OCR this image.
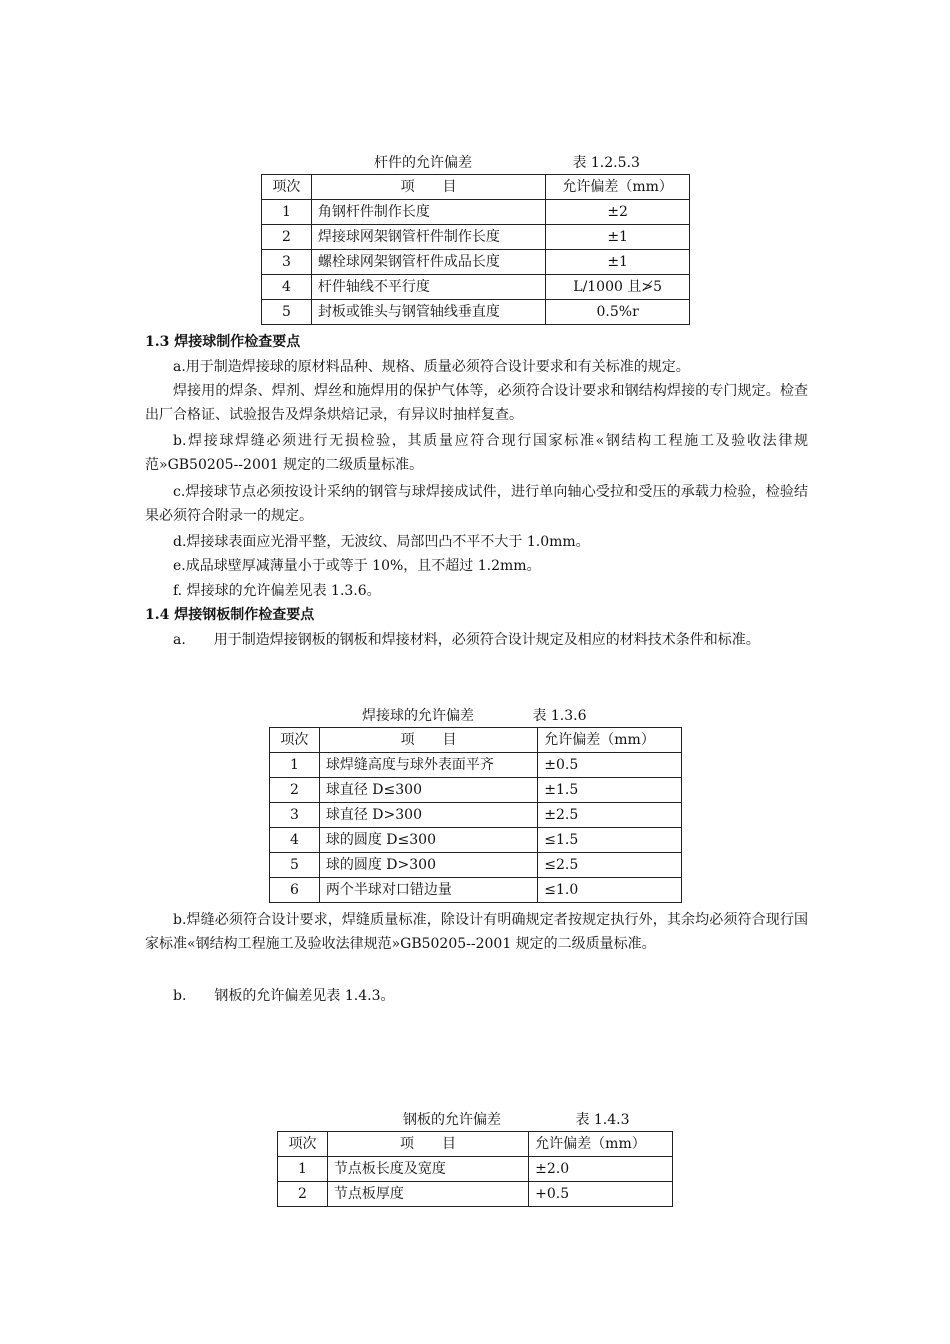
杆件的允许偏差	表 1.2.5.3
项次	项　　目	允许偏差（mm）
1	角钢杆件制作长度	±2
2	焊接球网架钢管杆件制作长度	±1
3	螺栓球网架钢管杆件成品长度	±1
4	杆件轴线不平行度	L/1000 且≯5
5	封板或锥头与钢管轴线垂直度	0.5%r
1.3 焊接球制作检查要点
a.用于制造焊接球的原材料品种、规格、质量必须符合设计要求和有关标准的规定。
焊接用的焊条、焊剂、焊丝和施焊用的保护气体等，必须符合设计要求和钢结构焊接的专门规定。检查出厂合格证、试验报告及焊条烘焙记录，有异议时抽样复查。
b.焊接球焊缝必须进行无损检验，其质量应符合现行国家标准«钢结构工程施工及验收法律规范»GB50205--2001 规定的二级质量标准。
c.焊接球节点必须按设计采纳的钢管与球焊接成试件，进行单向轴心受拉和受压的承载力检验，检验结果必须符合附录一的规定。
d.焊接球表面应光滑平整，无波纹、局部凹凸不平不大于 1.0mm。
e.成品球壁厚减薄量小于或等于 10%，且不超过 1.2mm。
f. 焊接球的允许偏差见表 1.3.6。
1.4 焊接钢板制作检查要点
a.　　用于制造焊接钢板的钢板和焊接材料，必须符合设计规定及相应的材料技术条件和标准。
焊接球的允许偏差	表 1.3.6
项次	项　　目	允许偏差（mm）
1	球焊缝高度与球外表面平齐	±0.5
2	球直径 D≤300	±1.5
3	球直径 D>300	±2.5
4	球的圆度 D≤300	≤1.5
5	球的圆度 D>300	≤2.5
6	两个半球对口错边量	≤1.0
b.焊缝必须符合设计要求，焊缝质量标准，除设计有明确规定者按规定执行外，其余均必须符合现行国家标准«钢结构工程施工及验收法律规范»GB50205--2001 规定的二级质量标准。
b.　　钢板的允许偏差见表 1.4.3。
钢板的允许偏差	表 1.4.3
项次	项　　目	允许偏差（mm）
1	节点板长度及宽度	±2.0
2	节点板厚度	+0.5
